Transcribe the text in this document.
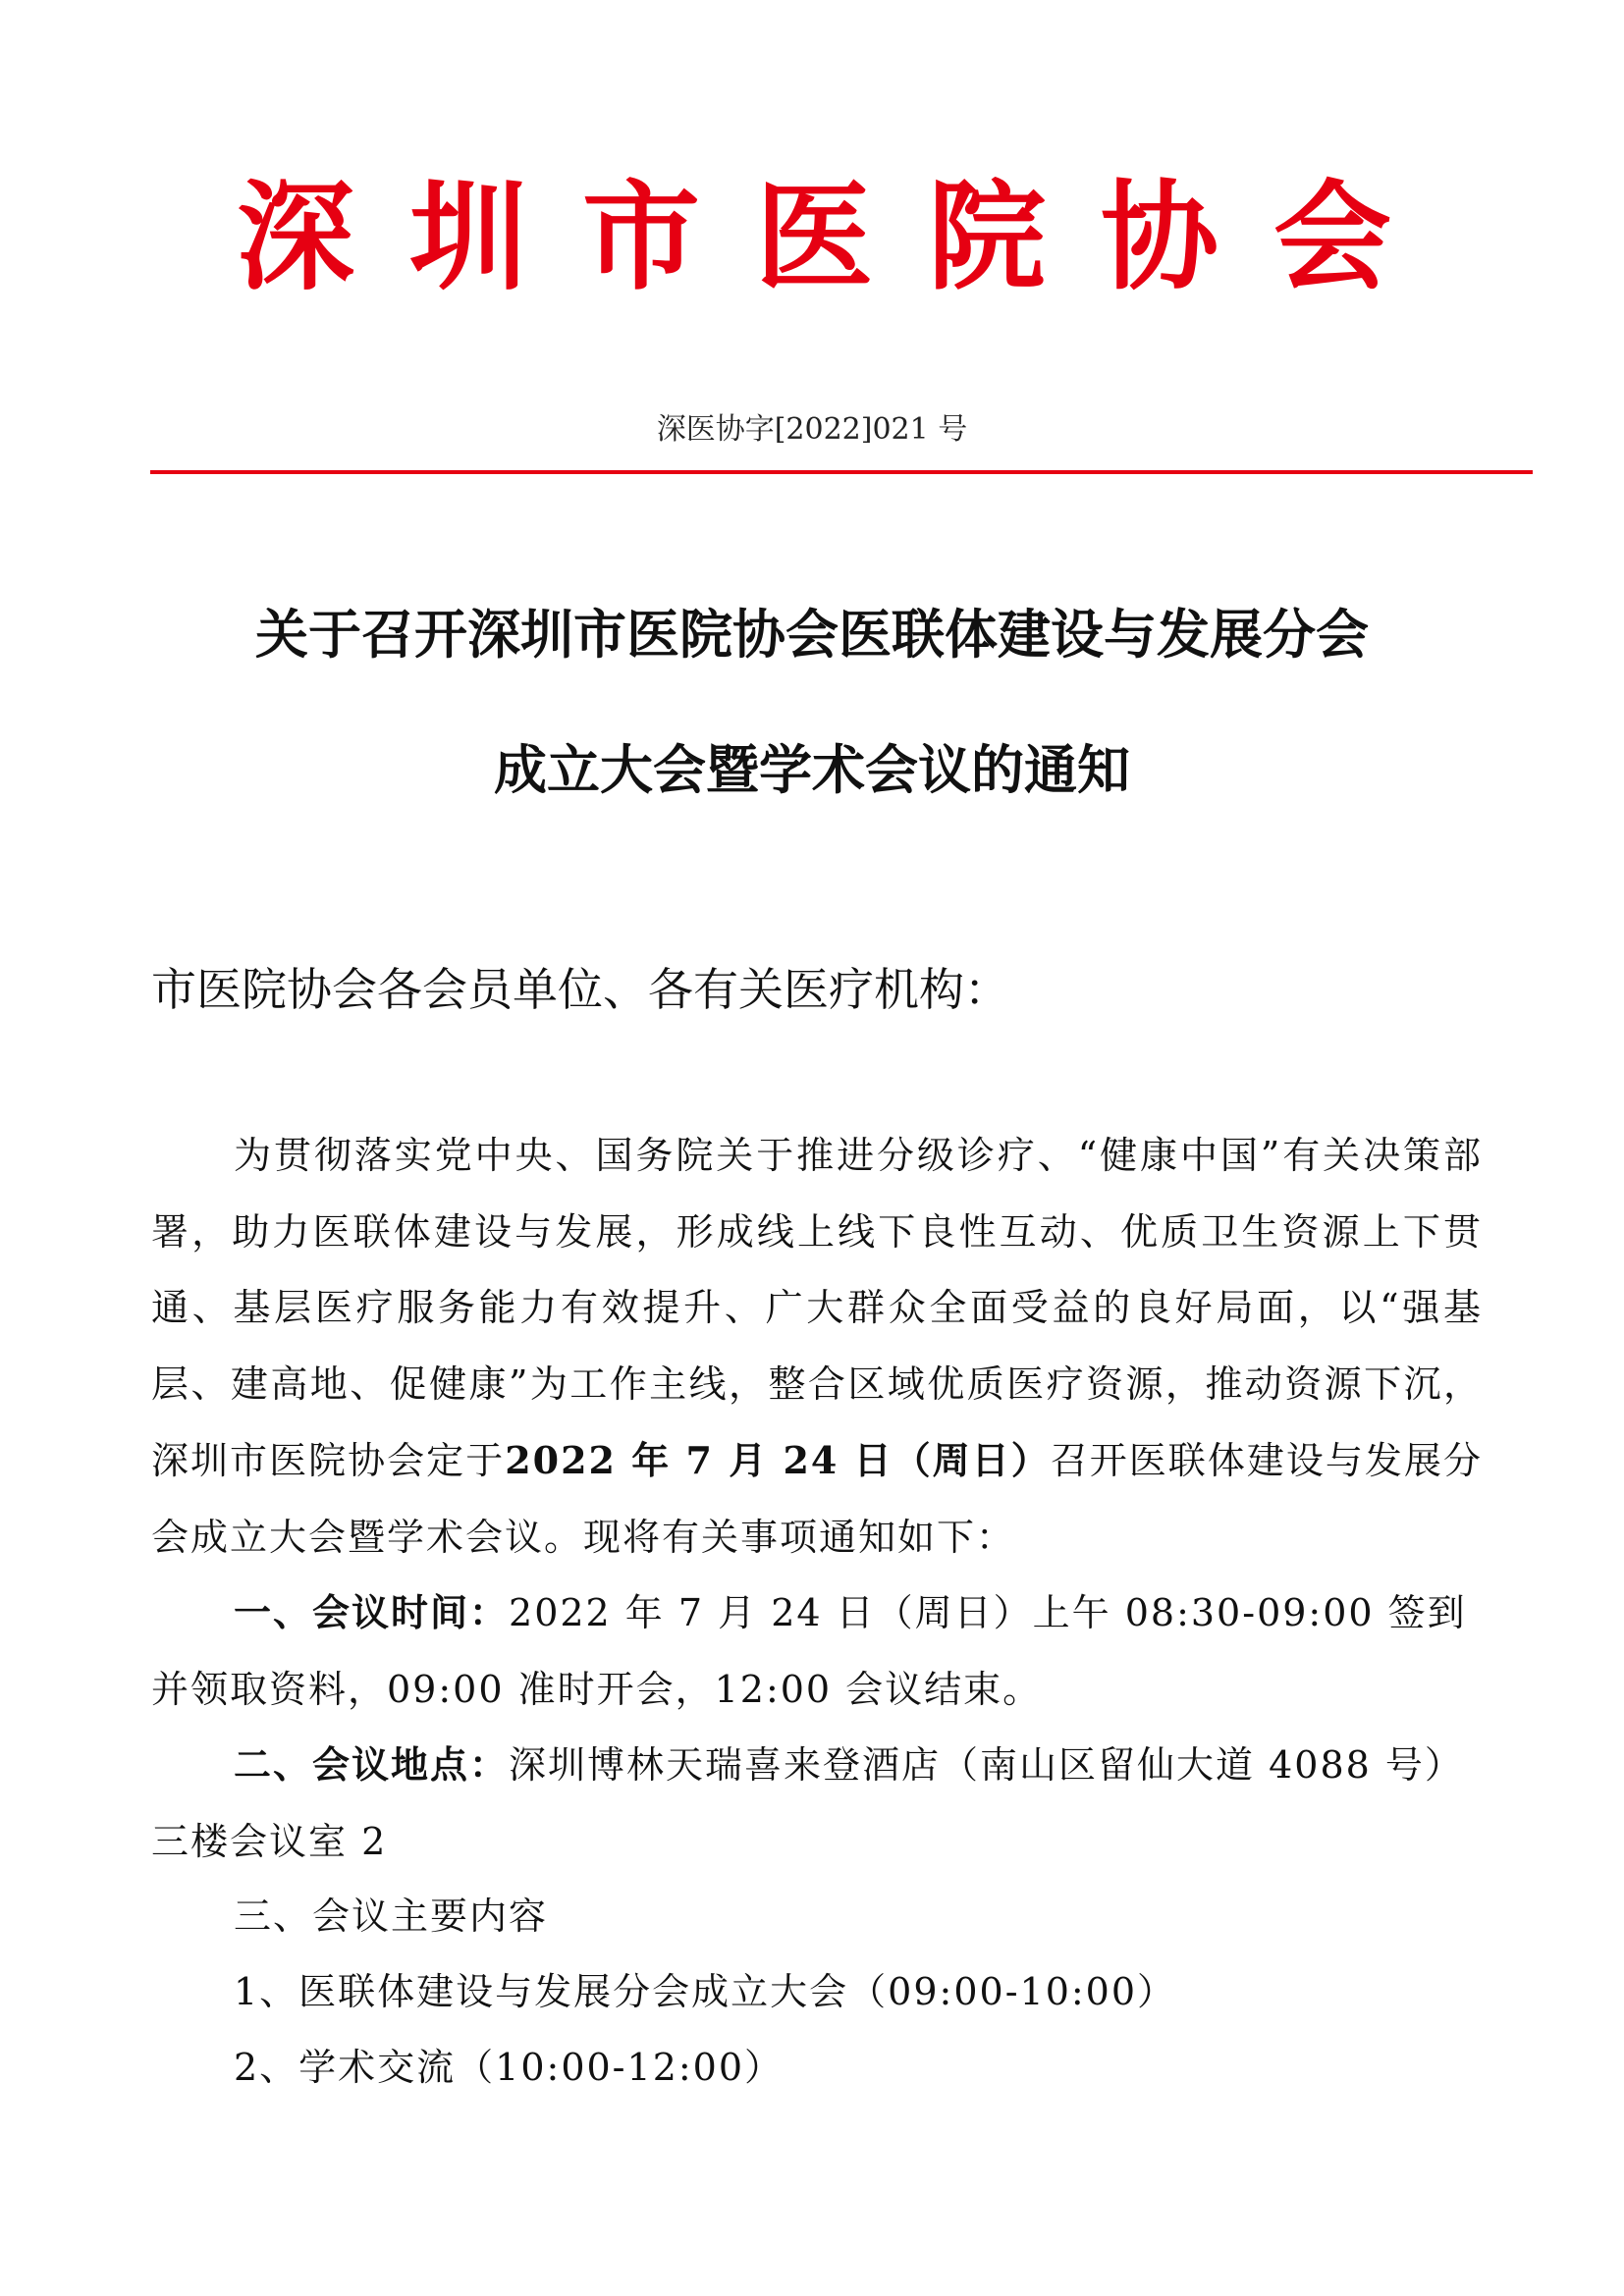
深圳市医院协会
深医协字[2022]021 号
关于召开深圳市医院协会医联体建设与发展分会
成立大会暨学术会议的通知
市医院协会各会员单位、各有关医疗机构：

为贯彻落实党中央、国务院关于推进分级诊疗、“健康中国”有关决策部署，助力医联体建设与发展，形成线上线下良性互动、优质卫生资源上下贯通、基层医疗服务能力有效提升、广大群众全面受益的良好局面，以“强基层、建高地、促健康”为工作主线，整合区域优质医疗资源，推动资源下沉，深圳市医院协会定于2022 年 7 月 24 日（周日）召开医联体建设与发展分会成立大会暨学术会议。现将有关事项通知如下：

一、会议时间：2022 年 7 月 24 日（周日）上午 08:30-09:00 签到并领取资料，09:00 准时开会，12:00 会议结束。

二、会议地点：深圳博林天瑞喜来登酒店（南山区留仙大道 4088 号）三楼会议室 2

三、会议主要内容

1、医联体建设与发展分会成立大会（09:00-10:00）

2、学术交流（10:00-12:00）
